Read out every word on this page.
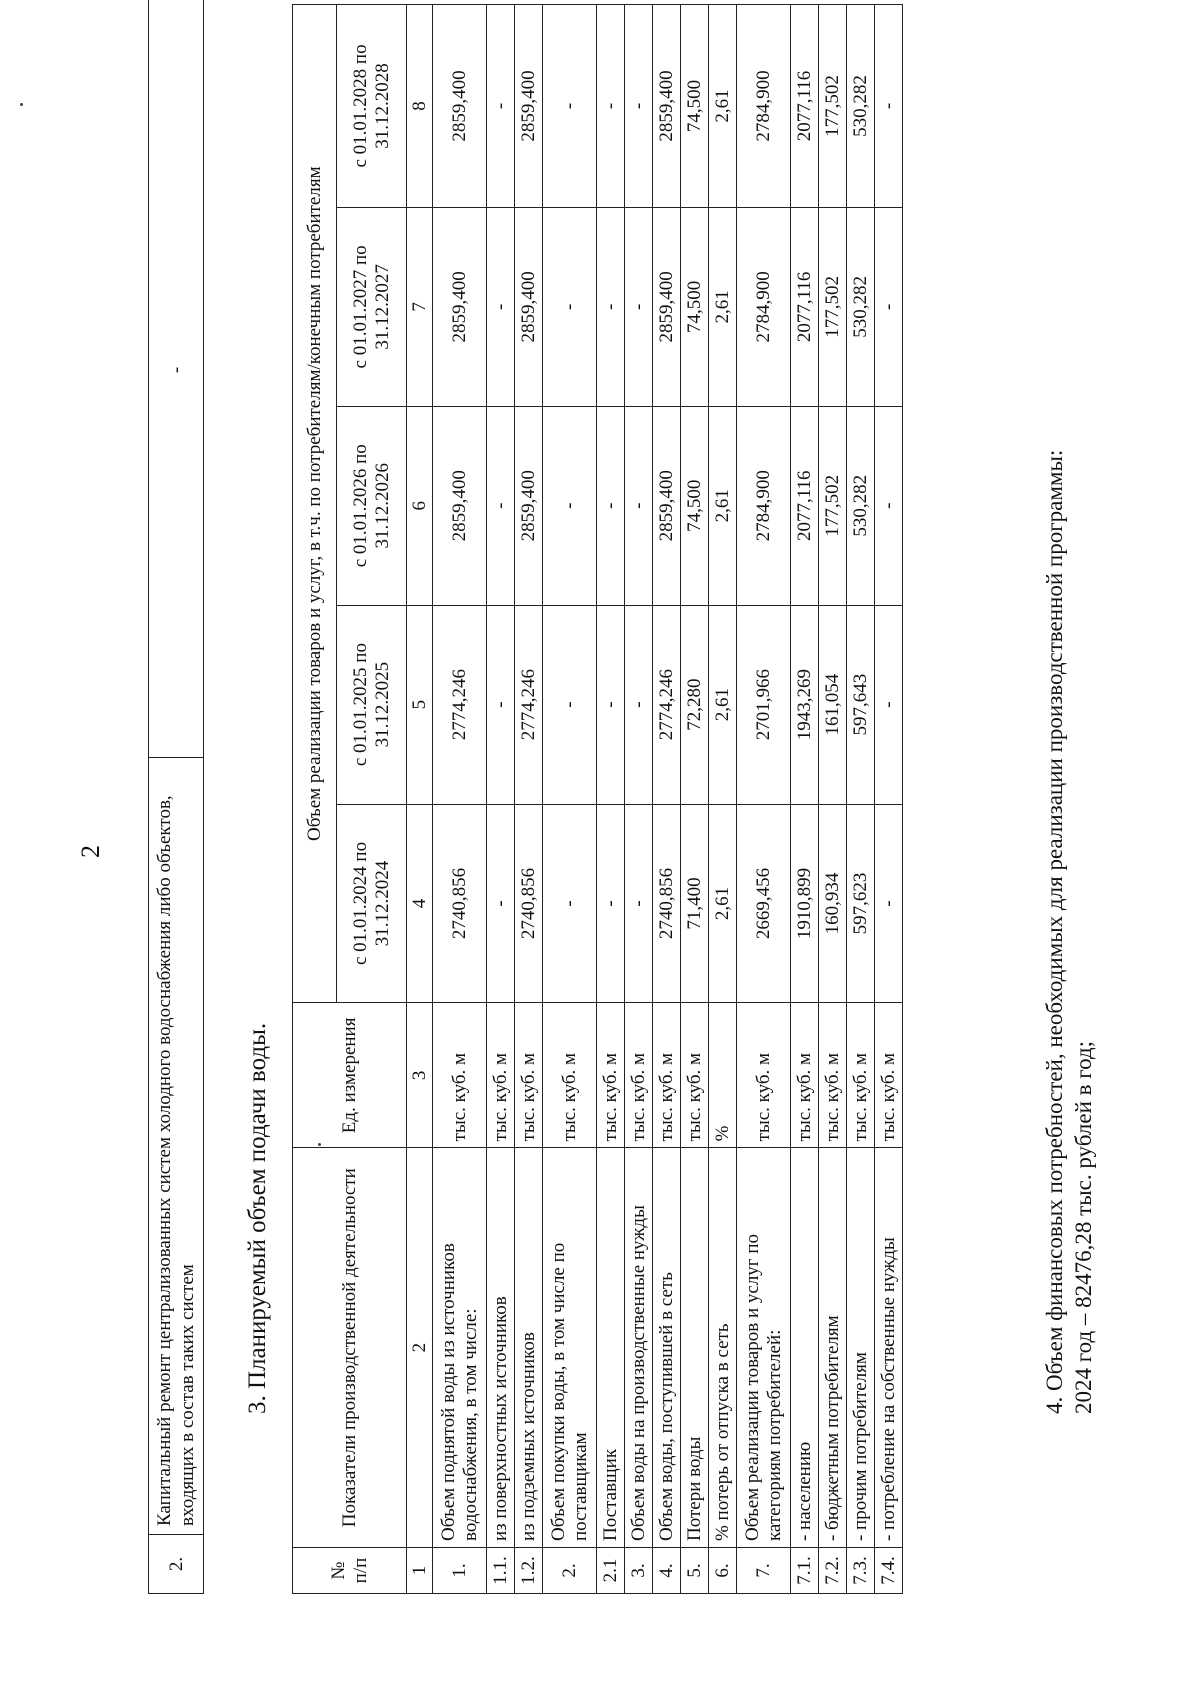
2
2.	Капитальный ремонт централизованных систем холодного водоснабжения либо объектов, входящих в состав таких систем	-
3. Планируемый объем подачи воды.
№ п/п	Показатели производственной деятельности	Ед. измерения	Объем реализации товаров и услуг, в т.ч. по потребителям/конечным потребителям				
			с 01.01.2024 по 31.12.2024	с 01.01.2025 по 31.12.2025	с 01.01.2026 по 31.12.2026	с 01.01.2027 по 31.12.2027	с 01.01.2028 по 31.12.2028
1	2	3	4	5	6	7	8
1.	Объем поднятой воды из источников водоснабжения, в том числе:	тыс. куб. м	2740,856	2774,246	2859,400	2859,400	2859,400
1.1.	из поверхностных источников	тыс. куб. м	-	-	-	-	-
1.2.	из подземных источников	тыс. куб. м	2740,856	2774,246	2859,400	2859,400	2859,400
2.	Объем покупки воды, в том числе по поставщикам	тыс. куб. м	-	-	-	-	-
2.1	Поставщик	тыс. куб. м	-	-	-	-	-
3.	Объем воды на производственные нужды	тыс. куб. м	-	-	-	-	-
4.	Объем воды, поступившей в сеть	тыс. куб. м	2740,856	2774,246	2859,400	2859,400	2859,400
5.	Потери воды	тыс. куб. м	71,400	72,280	74,500	74,500	74,500
6.	% потерь от отпуска в сеть	%	2,61	2,61	2,61	2,61	2,61
7.	Объем реализации товаров и услуг по категориям потребителей:	тыс. куб. м	2669,456	2701,966	2784,900	2784,900	2784,900
7.1.	- населению	тыс. куб. м	1910,899	1943,269	2077,116	2077,116	2077,116
7.2.	- бюджетным потребителям	тыс. куб. м	160,934	161,054	177,502	177,502	177,502
7.3.	- прочим потребителям	тыс. куб. м	597,623	597,643	530,282	530,282	530,282
7.4.	- потребление на собственные нужды	тыс. куб. м	-	-	-	-	-
4. Объем финансовых потребностей, необходимых для реализации производственной программы: 2024 год – 82476,28 тыс. рублей в год;
